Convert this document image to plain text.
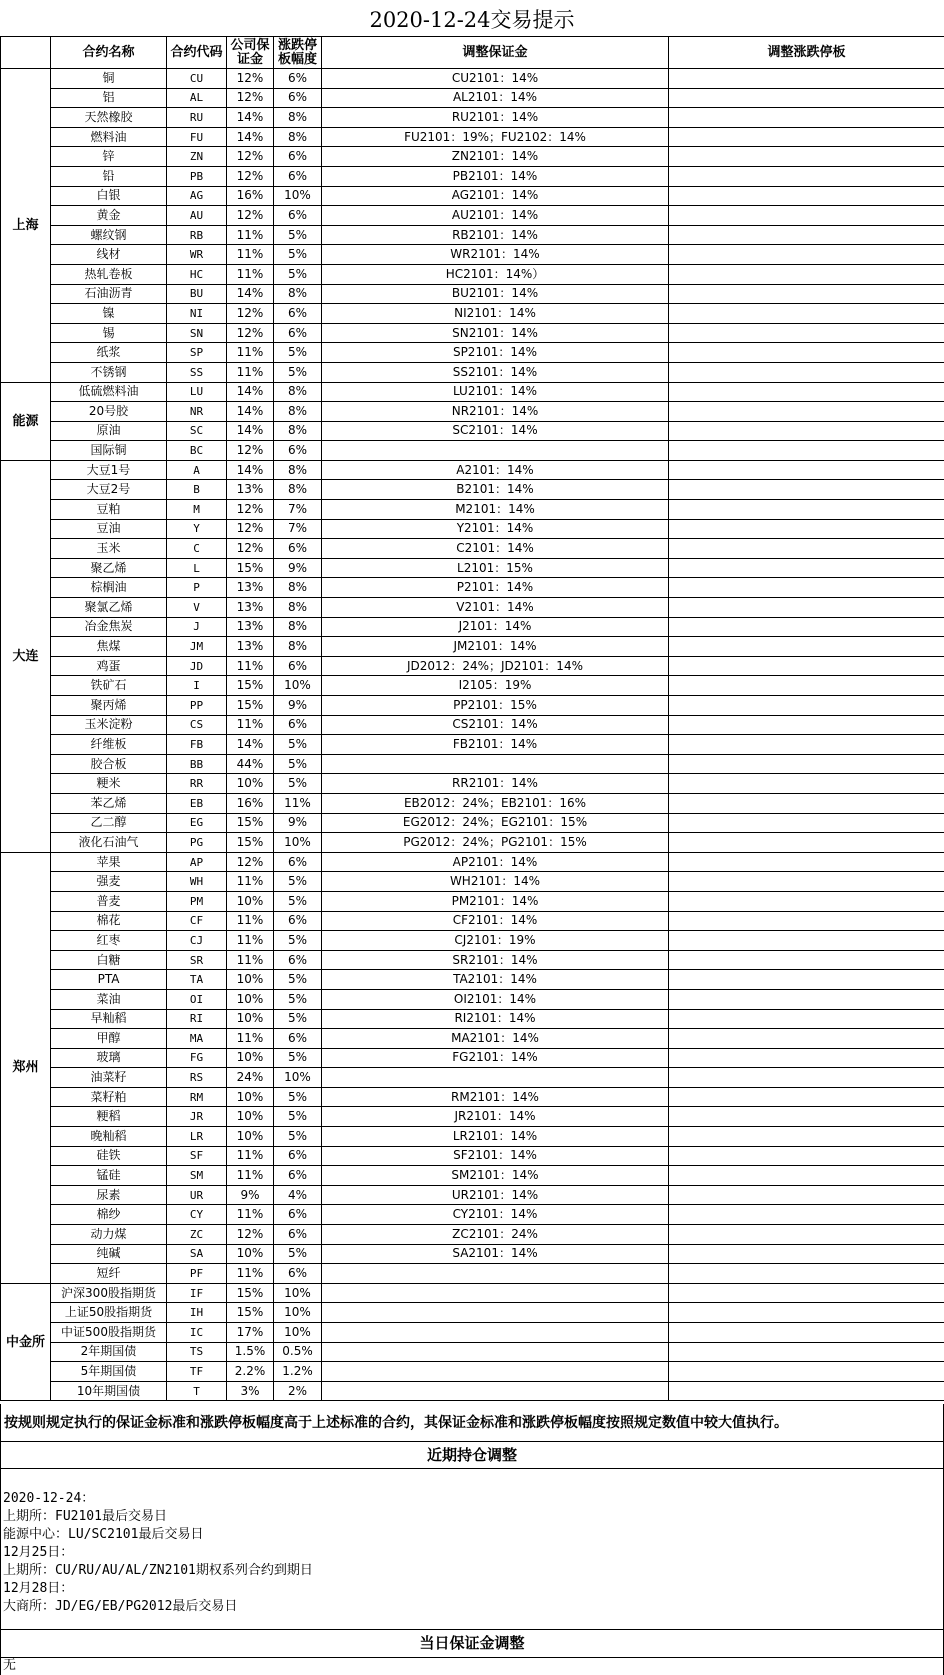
2020-12-24交易提示
	合约名称	合约代码	公司保证金	涨跌停板幅度	调整保证金	调整涨跌停板
上海	铜	CU	12%	6%	CU2101：14%	
	铝	AL	12%	6%	AL2101：14%	
	天然橡胶	RU	14%	8%	RU2101：14%	
	燃料油	FU	14%	8%	FU2101：19%；FU2102：14%	
	锌	ZN	12%	6%	ZN2101：14%	
	铅	PB	12%	6%	PB2101：14%	
	白银	AG	16%	10%	AG2101：14%	
	黄金	AU	12%	6%	AU2101：14%	
	螺纹钢	RB	11%	5%	RB2101：14%	
	线材	WR	11%	5%	WR2101：14%	
	热轧卷板	HC	11%	5%	HC2101：14%）	
	石油沥青	BU	14%	8%	BU2101：14%	
	镍	NI	12%	6%	NI2101：14%	
	锡	SN	12%	6%	SN2101：14%	
	纸浆	SP	11%	5%	SP2101：14%	
	不锈钢	SS	11%	5%	SS2101：14%	
能源	低硫燃料油	LU	14%	8%	LU2101：14%	
	20号胶	NR	14%	8%	NR2101：14%	
	原油	SC	14%	8%	SC2101：14%	
	国际铜	BC	12%	6%		
大连	大豆1号	A	14%	8%	A2101：14%	
	大豆2号	B	13%	8%	B2101：14%	
	豆粕	M	12%	7%	M2101：14%	
	豆油	Y	12%	7%	Y2101：14%	
	玉米	C	12%	6%	C2101：14%	
	聚乙烯	L	15%	9%	L2101：15%	
	棕榈油	P	13%	8%	P2101：14%	
	聚氯乙烯	V	13%	8%	V2101：14%	
	冶金焦炭	J	13%	8%	J2101：14%	
	焦煤	JM	13%	8%	JM2101：14%	
	鸡蛋	JD	11%	6%	JD2012：24%；JD2101：14%	
	铁矿石	I	15%	10%	I2105：19%	
	聚丙烯	PP	15%	9%	PP2101：15%	
	玉米淀粉	CS	11%	6%	CS2101：14%	
	纤维板	FB	14%	5%	FB2101：14%	
	胶合板	BB	44%	5%		
	粳米	RR	10%	5%	RR2101：14%	
	苯乙烯	EB	16%	11%	EB2012：24%；EB2101：16%	
	乙二醇	EG	15%	9%	EG2012：24%；EG2101：15%	
	液化石油气	PG	15%	10%	PG2012：24%；PG2101：15%	
郑州	苹果	AP	12%	6%	AP2101：14%	
	强麦	WH	11%	5%	WH2101：14%	
	普麦	PM	10%	5%	PM2101：14%	
	棉花	CF	11%	6%	CF2101：14%	
	红枣	CJ	11%	5%	CJ2101：19%	
	白糖	SR	11%	6%	SR2101：14%	
	PTA	TA	10%	5%	TA2101：14%	
	菜油	OI	10%	5%	OI2101：14%	
	早籼稻	RI	10%	5%	RI2101：14%	
	甲醇	MA	11%	6%	MA2101：14%	
	玻璃	FG	10%	5%	FG2101：14%	
	油菜籽	RS	24%	10%		
	菜籽粕	RM	10%	5%	RM2101：14%	
	粳稻	JR	10%	5%	JR2101：14%	
	晚籼稻	LR	10%	5%	LR2101：14%	
	硅铁	SF	11%	6%	SF2101：14%	
	锰硅	SM	11%	6%	SM2101：14%	
	尿素	UR	9%	4%	UR2101：14%	
	棉纱	CY	11%	6%	CY2101：14%	
	动力煤	ZC	12%	6%	ZC2101：24%	
	纯碱	SA	10%	5%	SA2101：14%	
	短纤	PF	11%	6%		
中金所	沪深300股指期货	IF	15%	10%		
	上证50股指期货	IH	15%	10%		
	中证500股指期货	IC	17%	10%		
	2年期国债	TS	1.5%	0.5%		
	5年期国债	TF	2.2%	1.2%		
	10年期国债	T	3%	2%		
按规则规定执行的保证金标准和涨跌停板幅度高于上述标准的合约，其保证金标准和涨跌停板幅度按照规定数值中较大值执行。
近期持仓调整
2020-12-24：
上期所：FU2101最后交易日
能源中心：LU/SC2101最后交易日
12月25日：
上期所：CU/RU/AU/AL/ZN2101期权系列合约到期日
12月28日：
大商所：JD/EG/EB/PG2012最后交易日
当日保证金调整
无
